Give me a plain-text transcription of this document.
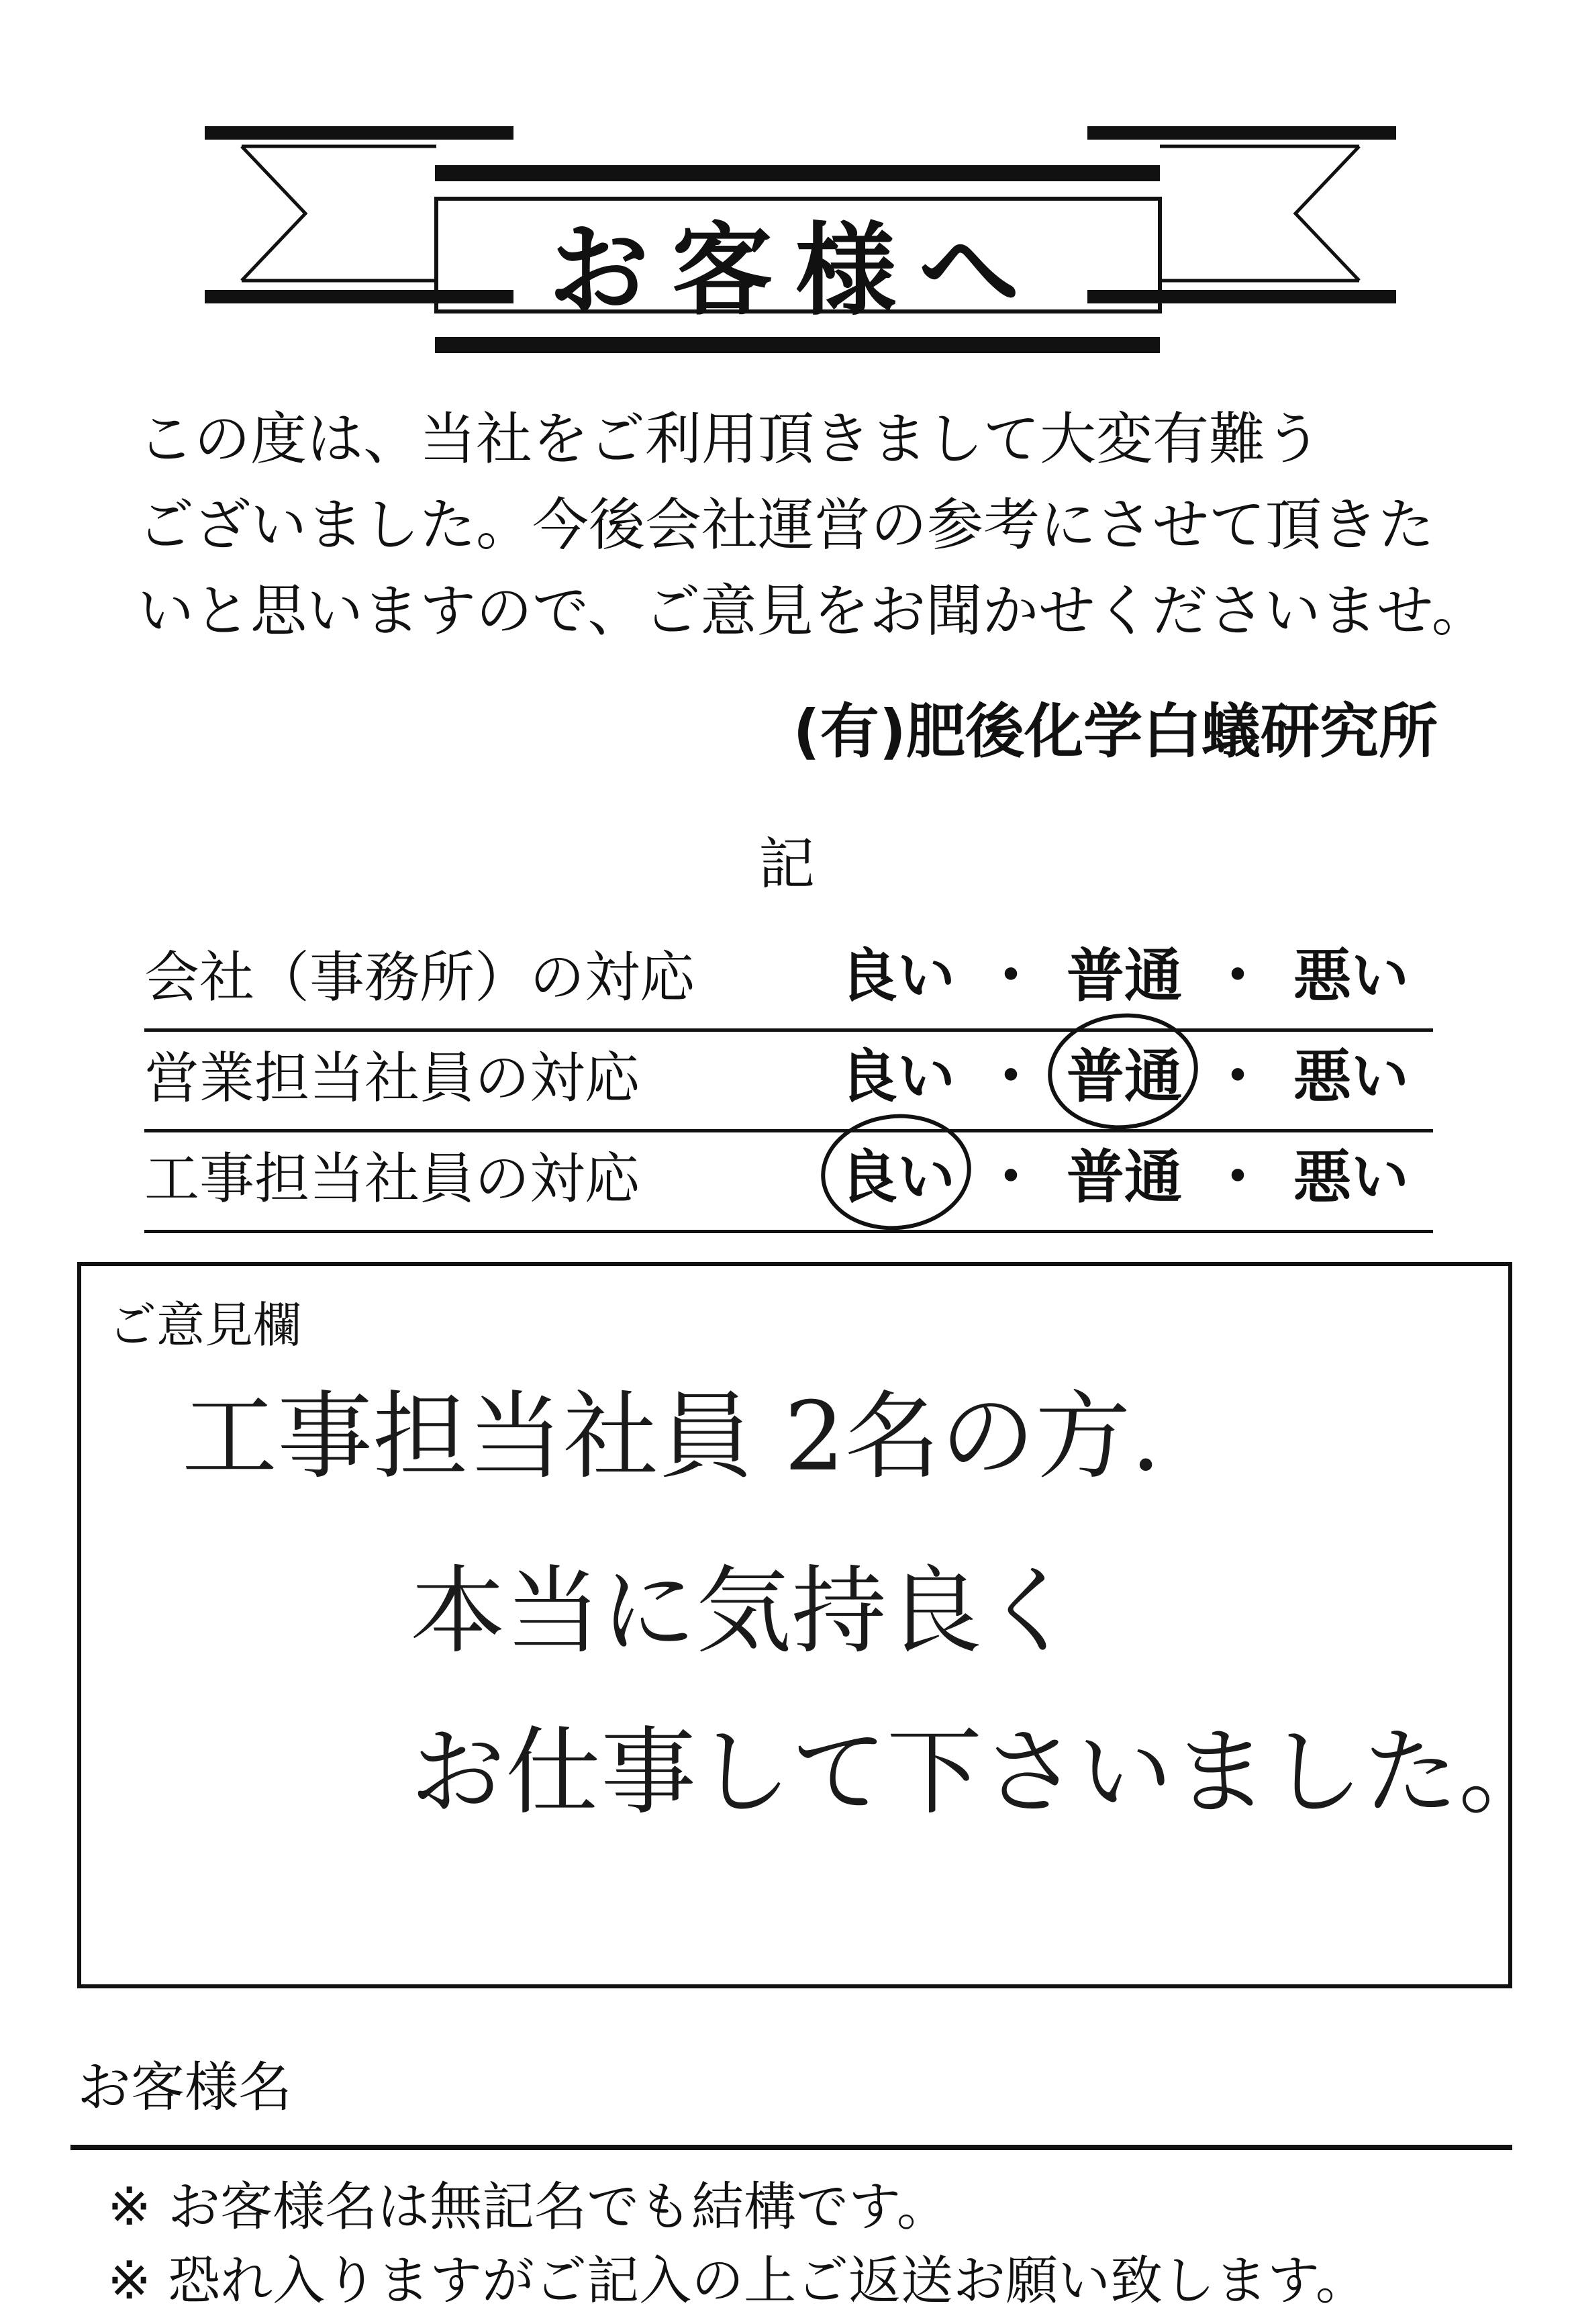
お客様へ
この度は、当社をご利用頂きまして大変有難う
ございました。今後会社運営の参考にさせて頂きた
いと思いますので、ご意見をお聞かせくださいませ。
(有)肥後化学白蟻研究所
記
会社（事務所）の対応	良い ・ 普通 ・ 悪い
営業担当社員の対応	良い ・ 普通 ・ 悪い
工事担当社員の対応	良い ・ 普通 ・ 悪い
ご意見欄
工事担当社員 2名の方.
本当に気持良く
お仕事して下さいました。
お客様名
※ お客様名は無記名でも結構です。
※ 恐れ入りますがご記入の上ご返送お願い致します。
